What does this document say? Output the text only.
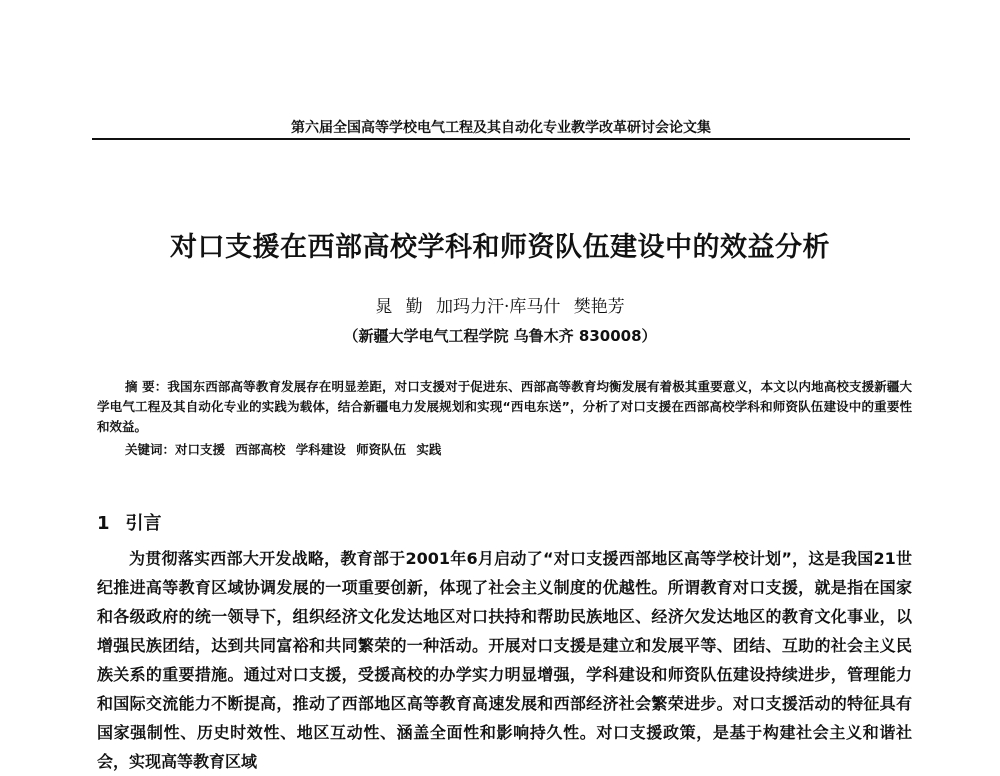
第六届全国高等学校电气工程及其自动化专业教学改革研讨会论文集
对口支援在西部高校学科和师资队伍建设中的效益分析
晁 勤 加玛力汗·库马什 樊艳芳
（新疆大学电气工程学院 乌鲁木齐 830008）
摘 要：我国东西部高等教育发展存在明显差距，对口支援对于促进东、西部高等教育均衡发展有着极其重要意义，本文以内地高校支援新疆大学电气工程及其自动化专业的实践为载体，结合新疆电力发展规划和实现“西电东送”，分析了对口支援在西部高校学科和师资队伍建设中的重要性和效益。
关键词：对口支援 西部高校 学科建设 师资队伍 实践
1 引言
为贯彻落实西部大开发战略，教育部于2001年6月启动了“对口支援西部地区高等学校计划”，这是我国21世纪推进高等教育区域协调发展的一项重要创新，体现了社会主义制度的优越性。所谓教育对口支援，就是指在国家和各级政府的统一领导下，组织经济文化发达地区对口扶持和帮助民族地区、经济欠发达地区的教育文化事业，以增强民族团结，达到共同富裕和共同繁荣的一种活动。开展对口支援是建立和发展平等、团结、互助的社会主义民族关系的重要措施。通过对口支援，受援高校的办学实力明显增强，学科建设和师资队伍建设持续进步，管理能力和国际交流能力不断提高，推动了西部地区高等教育高速发展和西部经济社会繁荣进步。对口支援活动的特征具有国家强制性、历史时效性、地区互动性、涵盖全面性和影响持久性。对口支援政策，是基于构建社会主义和谐社会，实现高等教育区域
